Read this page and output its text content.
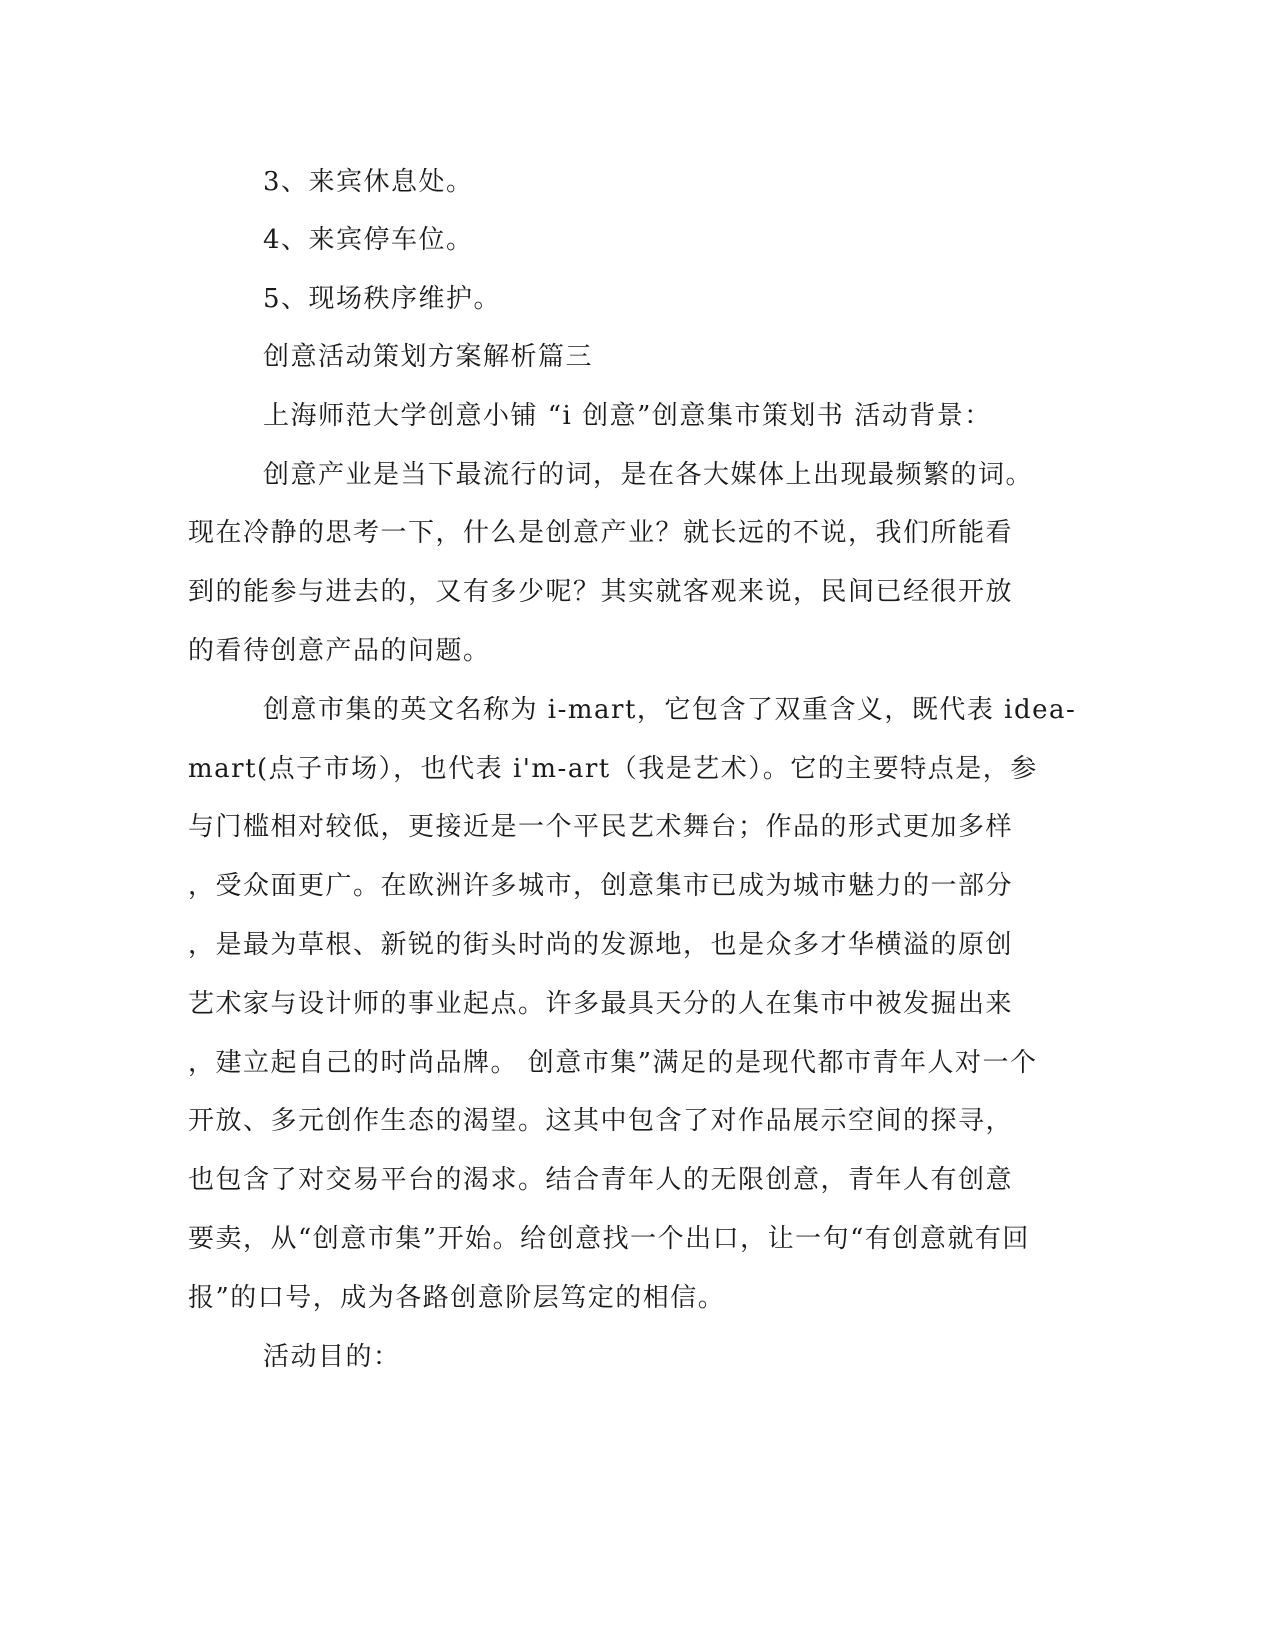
3、来宾休息处。
4、来宾停车位。
5、现场秩序维护。
创意活动策划方案解析篇三
上海师范大学创意小铺 “i 创意”创意集市策划书 活动背景：
创意产业是当下最流行的词，是在各大媒体上出现最频繁的词。
现在冷静的思考一下，什么是创意产业？就长远的不说，我们所能看
到的能参与进去的，又有多少呢？其实就客观来说，民间已经很开放
的看待创意产品的问题。
创意市集的英文名称为 i-mart，它包含了双重含义，既代表 idea-
mart(点子市场），也代表 i'm-art（我是艺术）。它的主要特点是，参
与门槛相对较低，更接近是一个平民艺术舞台；作品的形式更加多样
，受众面更广。在欧洲许多城市，创意集市已成为城市魅力的一部分
，是最为草根、新锐的街头时尚的发源地，也是众多才华横溢的原创
艺术家与设计师的事业起点。许多最具天分的人在集市中被发掘出来
，建立起自己的时尚品牌。 创意市集”满足的是现代都市青年人对一个
开放、多元创作生态的渴望。这其中包含了对作品展示空间的探寻，
也包含了对交易平台的渴求。结合青年人的无限创意，青年人有创意
要卖，从“创意市集”开始。给创意找一个出口，让一句“有创意就有回
报”的口号，成为各路创意阶层笃定的相信。
活动目的：
